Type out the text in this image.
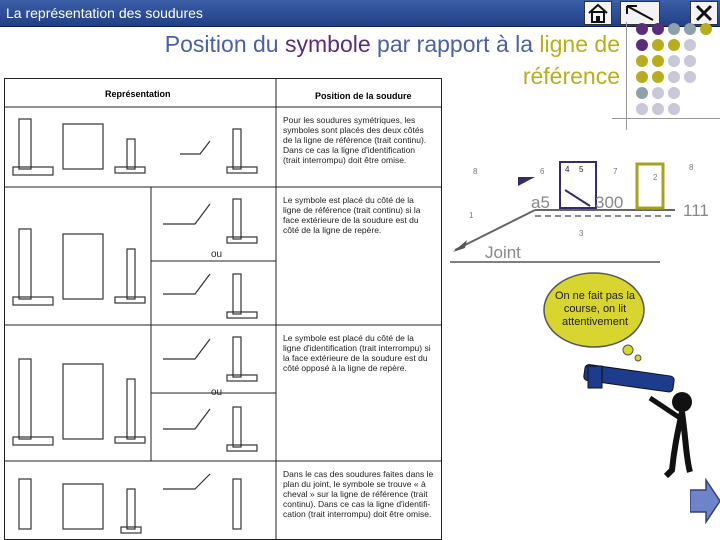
La représentation des soudures
Position du symbole par rapport à la ligne de
référence
Représentation	Position de la soudure
Pour les soudures symétriques, les
symboles sont placés des deux côtés
de la ligne de référence (trait continu).
Dans ce cas la ligne d'identification
(trait interrompu) doit être omise.
Le symbole est placé du côté de la
ligne de référence (trait continu) si la
face extérieure de la soudure est du
côté de la ligne de repère.
Le symbole est placé du côté de la
ligne d'identification (trait interrompu) si
la face extérieure de la soudure est du
côté opposé à la ligne de repère.
Dans le cas des soudures faites dans le
plan du joint, le symbole se trouve « à
cheval » sur la ligne de référence (trait
continu). Dans ce cas la ligne d'identifi-
cation (trait interrompu) doit être omise.
ou
ou
a5	300	111
Joint
4 5
8	6	7	8
1
2
3
On ne fait pas la course, on lit attentivement
